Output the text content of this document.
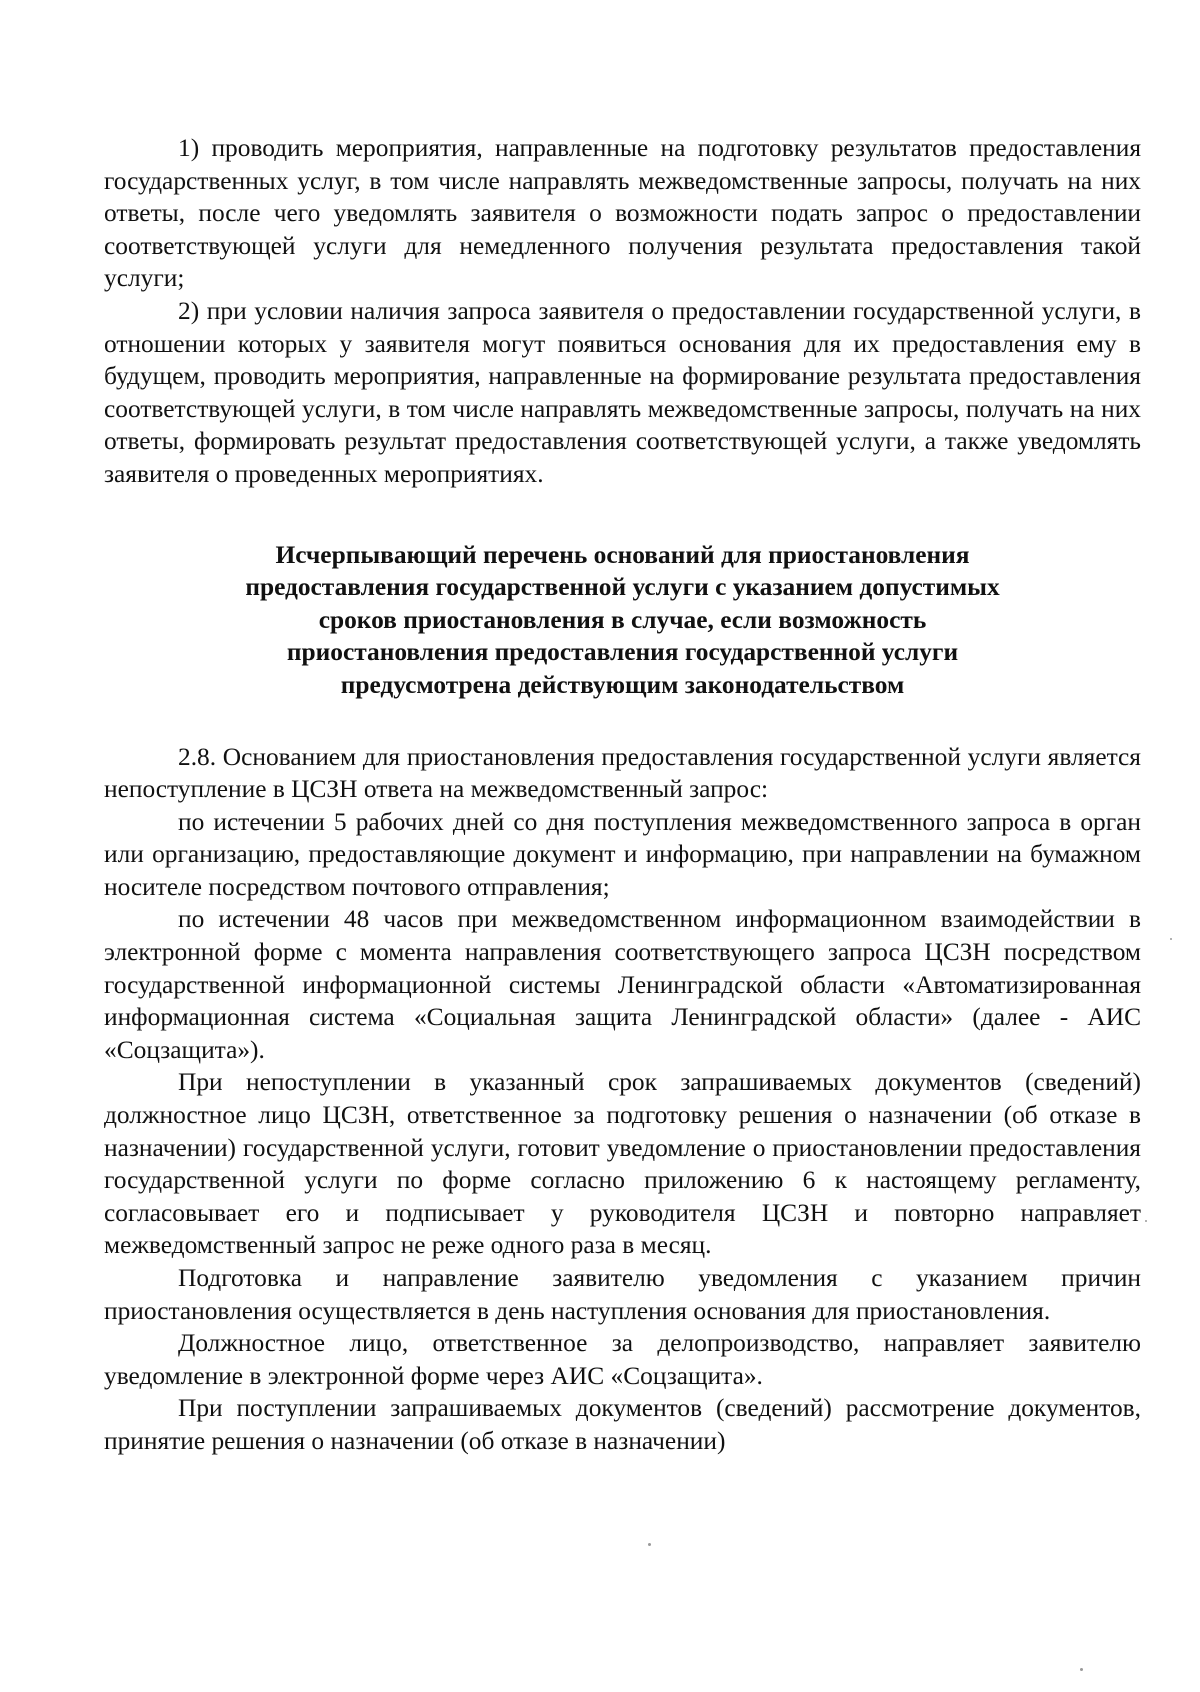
1) проводить мероприятия, направленные на подготовку результатов предоставления государственных услуг, в том числе направлять межведомственные запросы, получать на них ответы, после чего уведомлять заявителя о возможности подать запрос о предоставлении соответствующей услуги для немедленного получения результата предоставления такой услуги;

2) при условии наличия запроса заявителя о предоставлении государственной услуги, в отношении которых у заявителя могут появиться основания для их предоставления ему в будущем, проводить мероприятия, направленные на формирование результата предоставления соответствующей услуги, в том числе направлять межведомственные запросы, получать на них ответы, формировать результат предоставления соответствующей услуги, а также уведомлять заявителя о проведенных мероприятиях.

Исчерпывающий перечень оснований для приостановления
предоставления государственной услуги с указанием допустимых
сроков приостановления в случае, если возможность
приостановления предоставления государственной услуги
предусмотрена действующим законодательством

2.8. Основанием для приостановления предоставления государственной услуги является непоступление в ЦСЗН ответа на межведомственный запрос:

по истечении 5 рабочих дней со дня поступления межведомственного запроса в орган или организацию, предоставляющие документ и информацию, при направлении на бумажном носителе посредством почтового отправления;

по истечении 48 часов при межведомственном информационном взаимодействии в электронной форме с момента направления соответствующего запроса ЦСЗН посредством государственной информационной системы Ленинградской области «Автоматизированная информационная система «Социальная защита Ленинградской области» (далее - АИС «Соцзащита»).

При непоступлении в указанный срок запрашиваемых документов (сведений) должностное лицо ЦСЗН, ответственное за подготовку решения о назначении (об отказе в назначении) государственной услуги, готовит уведомление о приостановлении предоставления государственной услуги по форме согласно приложению 6 к настоящему регламенту, согласовывает его и подписывает у руководителя ЦСЗН и повторно направляет межведомственный запрос не реже одного раза в месяц.

Подготовка и направление заявителю уведомления с указанием причин приостановления осуществляется в день наступления основания для приостановления.

Должностное лицо, ответственное за делопроизводство, направляет заявителю уведомление в электронной форме через АИС «Соцзащита».

При поступлении запрашиваемых документов (сведений) рассмотрение документов, принятие решения о назначении (об отказе в назначении)
